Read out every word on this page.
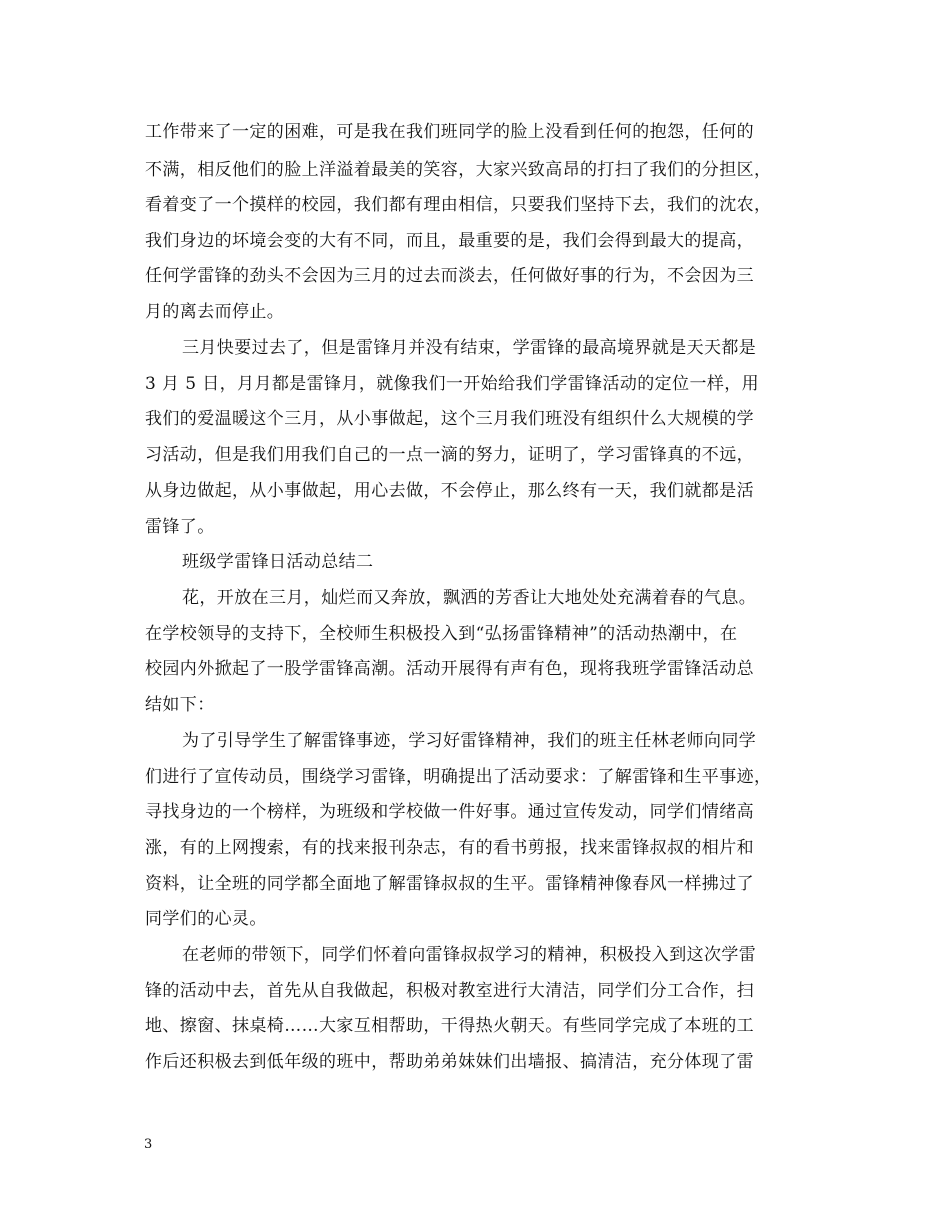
工作带来了一定的困难，可是我在我们班同学的脸上没看到任何的抱怨，任何的
不满，相反他们的脸上洋溢着最美的笑容，大家兴致高昂的打扫了我们的分担区，
看着变了一个摸样的校园，我们都有理由相信，只要我们坚持下去，我们的沈农，
我们身边的坏境会变的大有不同，而且，最重要的是，我们会得到最大的提高，
任何学雷锋的劲头不会因为三月的过去而淡去，任何做好事的行为，不会因为三
月的离去而停止。
三月快要过去了，但是雷锋月并没有结束，学雷锋的最高境界就是天天都是
3 月 5 日，月月都是雷锋月，就像我们一开始给我们学雷锋活动的定位一样，用
我们的爱温暖这个三月，从小事做起，这个三月我们班没有组织什么大规模的学
习活动，但是我们用我们自己的一点一滴的努力，证明了，学习雷锋真的不远，
从身边做起，从小事做起，用心去做，不会停止，那么终有一天，我们就都是活
雷锋了。
班级学雷锋日活动总结二
花，开放在三月，灿烂而又奔放，飘洒的芳香让大地处处充满着春的气息。
在学校领导的支持下，全校师生积极投入到“弘扬雷锋精神”的活动热潮中，在
校园内外掀起了一股学雷锋高潮。活动开展得有声有色，现将我班学雷锋活动总
结如下：
为了引导学生了解雷锋事迹，学习好雷锋精神，我们的班主任林老师向同学
们进行了宣传动员，围绕学习雷锋，明确提出了活动要求：了解雷锋和生平事迹，
寻找身边的一个榜样，为班级和学校做一件好事。通过宣传发动，同学们情绪高
涨，有的上网搜索，有的找来报刊杂志，有的看书剪报，找来雷锋叔叔的相片和
资料，让全班的同学都全面地了解雷锋叔叔的生平。雷锋精神像春风一样拂过了
同学们的心灵。
在老师的带领下，同学们怀着向雷锋叔叔学习的精神，积极投入到这次学雷
锋的活动中去，首先从自我做起，积极对教室进行大清洁，同学们分工合作，扫
地、擦窗、抹桌椅……大家互相帮助，干得热火朝天。有些同学完成了本班的工
作后还积极去到低年级的班中，帮助弟弟妹妹们出墙报、搞清洁，充分体现了雷
3
